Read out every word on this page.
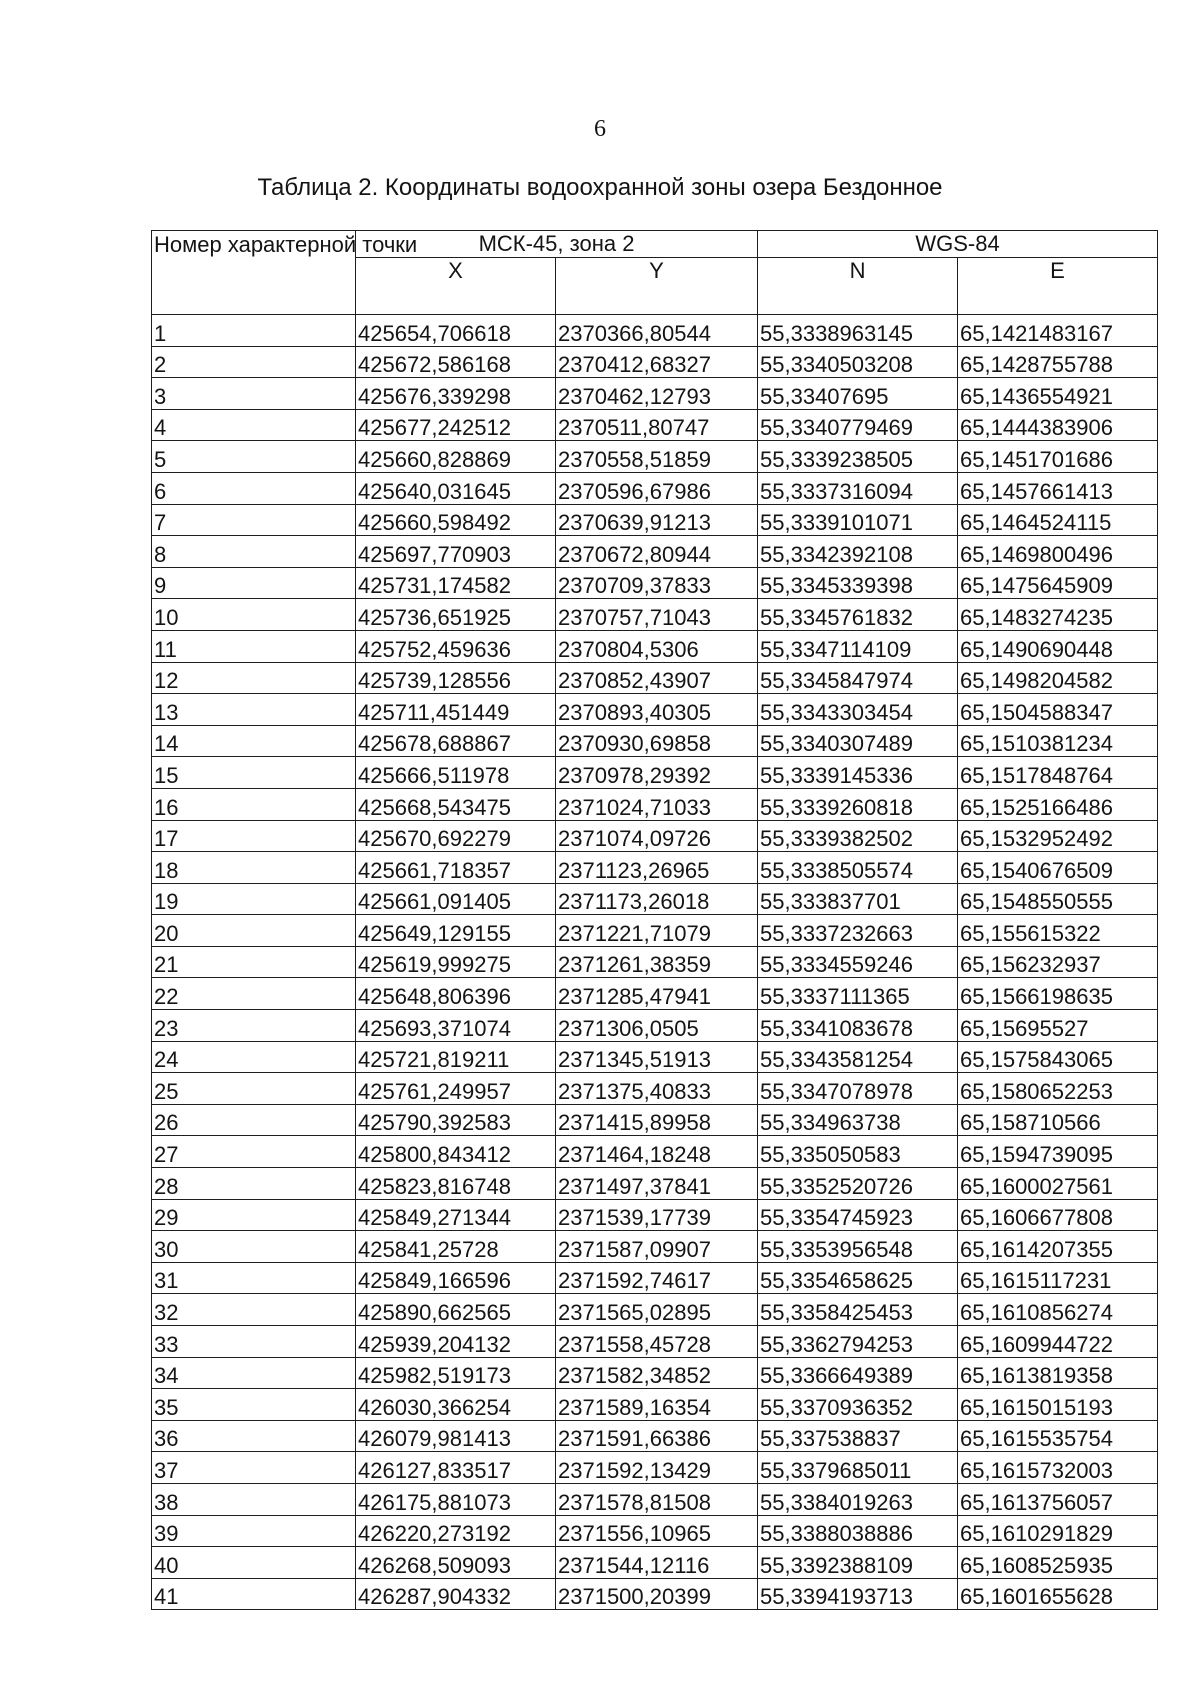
6
Таблица 2. Координаты водоохранной зоны озера Бездонное
Номер характерной точки	МСК-45, зона 2		WGS-84	
	X	Y	N	E
1	425654,706618	2370366,80544	55,3338963145	65,1421483167
2	425672,586168	2370412,68327	55,3340503208	65,1428755788
3	425676,339298	2370462,12793	55,33407695	65,1436554921
4	425677,242512	2370511,80747	55,3340779469	65,1444383906
5	425660,828869	2370558,51859	55,3339238505	65,1451701686
6	425640,031645	2370596,67986	55,3337316094	65,1457661413
7	425660,598492	2370639,91213	55,3339101071	65,1464524115
8	425697,770903	2370672,80944	55,3342392108	65,1469800496
9	425731,174582	2370709,37833	55,3345339398	65,1475645909
10	425736,651925	2370757,71043	55,3345761832	65,1483274235
11	425752,459636	2370804,5306	55,3347114109	65,1490690448
12	425739,128556	2370852,43907	55,3345847974	65,1498204582
13	425711,451449	2370893,40305	55,3343303454	65,1504588347
14	425678,688867	2370930,69858	55,3340307489	65,1510381234
15	425666,511978	2370978,29392	55,3339145336	65,1517848764
16	425668,543475	2371024,71033	55,3339260818	65,1525166486
17	425670,692279	2371074,09726	55,3339382502	65,1532952492
18	425661,718357	2371123,26965	55,3338505574	65,1540676509
19	425661,091405	2371173,26018	55,333837701	65,1548550555
20	425649,129155	2371221,71079	55,3337232663	65,155615322
21	425619,999275	2371261,38359	55,3334559246	65,156232937
22	425648,806396	2371285,47941	55,3337111365	65,1566198635
23	425693,371074	2371306,0505	55,3341083678	65,15695527
24	425721,819211	2371345,51913	55,3343581254	65,1575843065
25	425761,249957	2371375,40833	55,3347078978	65,1580652253
26	425790,392583	2371415,89958	55,334963738	65,158710566
27	425800,843412	2371464,18248	55,335050583	65,1594739095
28	425823,816748	2371497,37841	55,3352520726	65,1600027561
29	425849,271344	2371539,17739	55,3354745923	65,1606677808
30	425841,25728	2371587,09907	55,3353956548	65,1614207355
31	425849,166596	2371592,74617	55,3354658625	65,1615117231
32	425890,662565	2371565,02895	55,3358425453	65,1610856274
33	425939,204132	2371558,45728	55,3362794253	65,1609944722
34	425982,519173	2371582,34852	55,3366649389	65,1613819358
35	426030,366254	2371589,16354	55,3370936352	65,1615015193
36	426079,981413	2371591,66386	55,337538837	65,1615535754
37	426127,833517	2371592,13429	55,3379685011	65,1615732003
38	426175,881073	2371578,81508	55,3384019263	65,1613756057
39	426220,273192	2371556,10965	55,3388038886	65,1610291829
40	426268,509093	2371544,12116	55,3392388109	65,1608525935
41	426287,904332	2371500,20399	55,3394193713	65,1601655628
